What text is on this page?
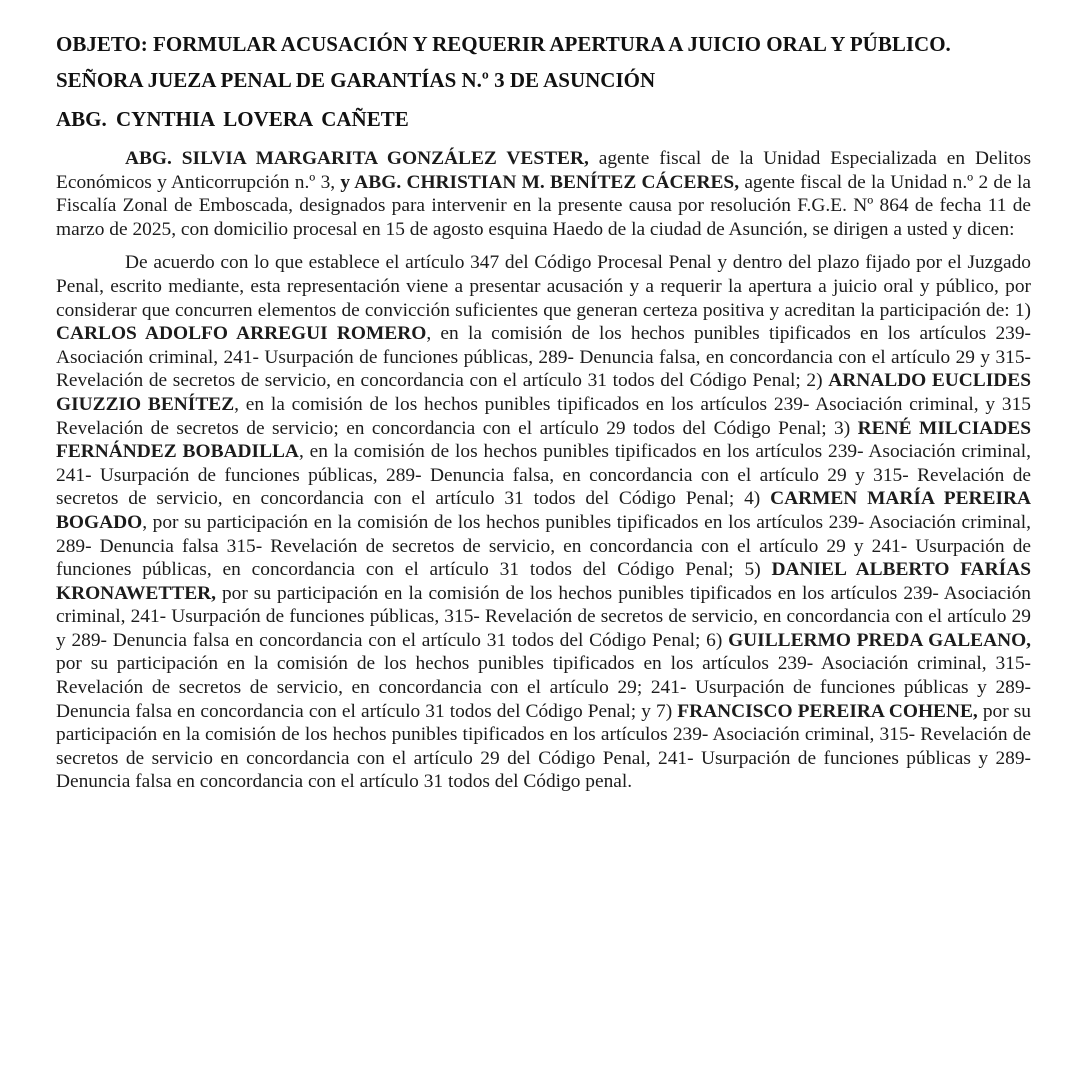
OBJETO: FORMULAR ACUSACIÓN Y REQUERIR APERTURA A JUICIO ORAL Y PÚBLICO.

SEÑORA JUEZA PENAL DE GARANTÍAS N.º 3 DE ASUNCIÓN

ABG. CYNTHIA LOVERA CAÑETE

ABG. SILVIA MARGARITA GONZÁLEZ VESTER, agente fiscal de la Unidad Especializada en Delitos Económicos y Anticorrupción n.º 3, y ABG. CHRISTIAN M. BENÍTEZ CÁCERES, agente fiscal de la Unidad n.º 2 de la Fiscalía Zonal de Emboscada, designados para intervenir en la presente causa por resolución F.G.E. Nº 864 de fecha 11 de marzo de 2025, con domicilio procesal en 15 de agosto esquina Haedo de la ciudad de Asunción, se dirigen a usted y dicen:

De acuerdo con lo que establece el artículo 347 del Código Procesal Penal y dentro del plazo fijado por el Juzgado Penal, escrito mediante, esta representación viene a presentar acusación y a requerir la apertura a juicio oral y público, por considerar que concurren elementos de convicción suficientes que generan certeza positiva y acreditan la participación de: 1) CARLOS ADOLFO ARREGUI ROMERO, en la comisión de los hechos punibles tipificados en los artículos 239- Asociación criminal, 241- Usurpación de funciones públicas, 289- Denuncia falsa, en concordancia con el artículo 29 y 315- Revelación de secretos de servicio, en concordancia con el artículo 31 todos del Código Penal; 2) ARNALDO EUCLIDES GIUZZIO BENÍTEZ, en la comisión de los hechos punibles tipificados en los artículos 239- Asociación criminal, y 315 Revelación de secretos de servicio; en concordancia con el artículo 29 todos del Código Penal; 3) RENÉ MILCIADES FERNÁNDEZ BOBADILLA, en la comisión de los hechos punibles tipificados en los artículos 239- Asociación criminal, 241- Usurpación de funciones públicas, 289- Denuncia falsa, en concordancia con el artículo 29 y 315- Revelación de secretos de servicio, en concordancia con el artículo 31 todos del Código Penal; 4) CARMEN MARÍA PEREIRA BOGADO, por su participación en la comisión de los hechos punibles tipificados en los artículos 239- Asociación criminal, 289- Denuncia falsa 315- Revelación de secretos de servicio, en concordancia con el artículo 29 y 241- Usurpación de funciones públicas, en concordancia con el artículo 31 todos del Código Penal; 5) DANIEL ALBERTO FARÍAS KRONAWETTER, por su participación en la comisión de los hechos punibles tipificados en los artículos 239- Asociación criminal, 241- Usurpación de funciones públicas, 315- Revelación de secretos de servicio, en concordancia con el artículo 29 y 289- Denuncia falsa en concordancia con el artículo 31 todos del Código Penal; 6) GUILLERMO PREDA GALEANO, por su participación en la comisión de los hechos punibles tipificados en los artículos 239- Asociación criminal, 315- Revelación de secretos de servicio, en concordancia con el artículo 29; 241- Usurpación de funciones públicas y 289- Denuncia falsa en concordancia con el artículo 31 todos del Código Penal; y 7) FRANCISCO PEREIRA COHENE, por su participación en la comisión de los hechos punibles tipificados en los artículos 239- Asociación criminal, 315- Revelación de secretos de servicio en concordancia con el artículo 29 del Código Penal, 241- Usurpación de funciones públicas y 289- Denuncia falsa en concordancia con el artículo 31 todos del Código penal.
